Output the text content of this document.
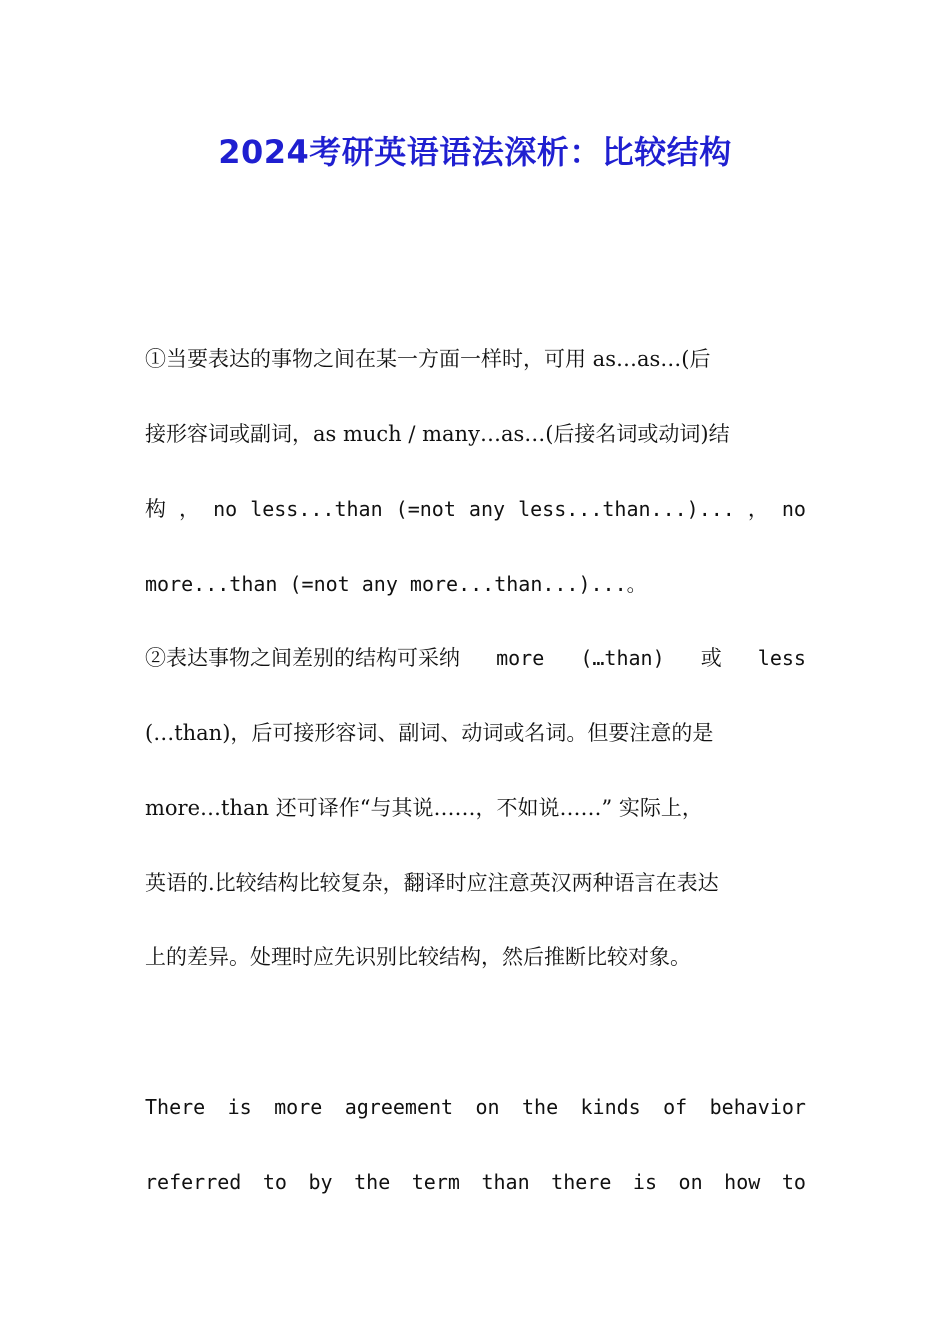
2024考研英语语法深析：比较结构
①当要表达的事物之间在某一方面一样时，可用 as…as…(后
接形容词或副词，as much / many…as…(后接名词或动词)结
构 ， no less...than (=not any less...than...)... ， no
more...than (=not any more...than...)...。
②表达事物之间差别的结构可采纳 more (…than) 或 less
(…than)，后可接形容词、副词、动词或名词。但要注意的是
more…than 还可译作“与其说……，不如说……” 实际上，
英语的.比较结构比较复杂，翻译时应注意英汉两种语言在表达
上的差异。处理时应先识别比较结构，然后推断比较对象。
There is more agreement on the kinds of behavior
referred to by the term than there is on how to
